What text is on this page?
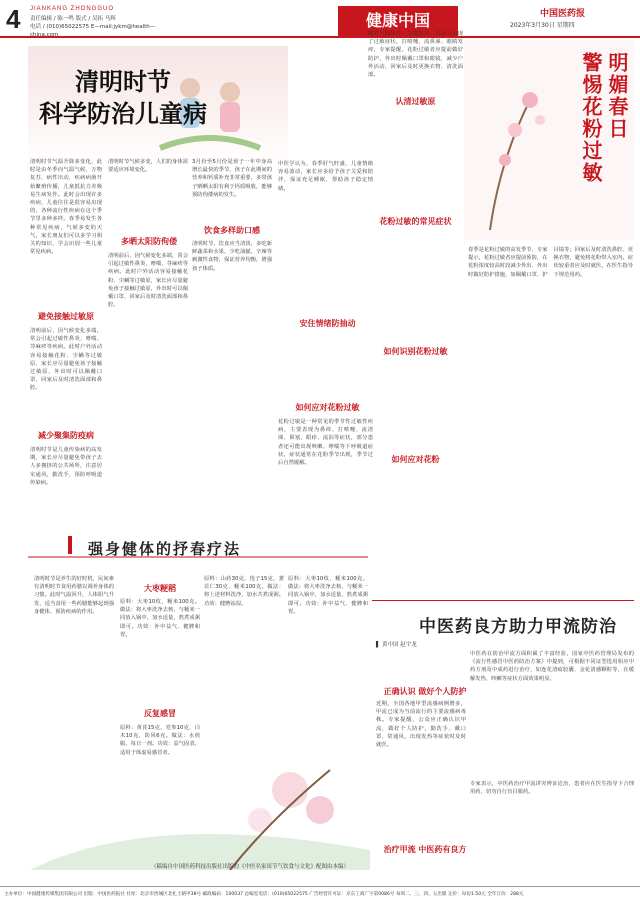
4 JIANKANG ZHONGGUO
责任编辑 / 陈一鸣 版式 / 吴拓 马辉
电话 / (010)65022575 E—mail:jykm@health—china.com
健康中国	中国医药报
2023年3月30日 星期四
清明时节
科学防治儿童病
清明时节气温升降多变化，此时是由冬季向气温气候、万物复苏，病性出动，疾病病菌开始繁殖传播，儿童抵抗力差极易生病发作。此时会出现许多疾病，儿童往往是很容易出现的，各种流行性疾病在这个季节里多种多样。春季易发生各种常见疾病，气候多变的天气，家长朋友们可以多学习相关的知识，学会识别一些儿童常见疾病。
清明时节气候多变，人们的身体需要适应环境变化。
3月份至5月份是孩子一年中身高增长最快的季节，孩子在此期间的营养和钙质补充非常重要，多带孩子晒晒太阳有利于钙质吸收，能够预防佝偻病的发生。
多晒太阳防佝偻
清明前后，因气候变化多端，常会引起过敏性鼻炎、哮喘、荨麻疹等疾病。此时户外活动容易接触花粉、尘螨等过敏原，家长应尽量避免孩子接触过敏原，外出时可以佩戴口罩，回家后及时清洗面部和鼻腔。
避免接触过敏原
清明前后，因气候变化多端，常会引起过敏性鼻炎、哮喘、荨麻疹等疾病。此时户外活动容易接触花粉、尘螨等过敏原，家长应尽量避免孩子接触过敏原，外出时可以佩戴口罩，回家后及时清洗面部和鼻腔。
饮食多样助口感
清明时节，饮食应当清淡，多吃新鲜蔬菜和水果，少吃油腻、辛辣等刺激性食物，保证营养均衡，增强孩子体质。
减少聚集防疫病
清明时节是儿童传染病的高发期，家长应尽量避免带孩子去人多拥挤的公共场所，注意居室通风，勤洗手，预防呼吸道传染病。
中医学认为，春季肝气旺盛，儿童情绪容易波动，家长应多给予孩子关爱和陪伴，保证充足睡眠，帮助孩子稳定情绪。
安住情绪防抽动
随着气温回升，万物复苏，许多人出现了过敏症状，打喷嚏、流鼻涕、眼睛发痒，专家提醒，花粉过敏者应提前做好防护，外出时佩戴口罩和眼镜，减少户外活动，回家后及时更换衣物、清洗面部。
认清过敏原
花粉过敏的常见症状
如何识别花粉过敏
如何应对花粉
如何应对花粉过敏
花粉过敏是一种常见的季节性过敏性疾病，主要表现为鼻痒、打喷嚏、流清涕、鼻塞、眼痒、流泪等症状，部分患者还可能出现咳嗽、哮喘等下呼吸道症状，症状通常在花粉季节出现，季节过后自然缓解。
明媚春日
警惕花粉过敏
春季是花粉过敏的高发季节，专家提示，花粉过敏者应提前预防，在花粉浓度较高时段减少外出，外出时做好防护措施，如佩戴口罩、护目镜等；回家后及时清洗鼻腔、更换衣物，避免将花粉带入室内。症状较重者应及时就医，在医生指导下规范用药。
强身健体的抒春疗法
清明时节是养生的好时机，民间素有清明时节食用药膳以调养身体的习惯。此时气温回升，人体阳气升发，适当食用一些药膳能够起到强身健体、预防疾病的作用。
大枣粳稻
原料：大枣10枚，粳米100克。做法：将大枣洗净去核，与粳米一同放入锅中，加水适量，熬煮成粥即可。功效：补中益气、健脾和胃。
反复感冒
原料：黄芪15克，党参10克，白术10克，防风6克。做法：水煎服，每日一剂。功效：益气固表，适用于体虚易感冒者。
原料：山药30克，莲子15克，薏苡仁30克，粳米100克。做法：将上述材料洗净，加水共煮成粥。功效：健脾祛湿。
原料：大枣10枚，粳米100克。做法：将大枣洗净去核，与粳米一同放入锅中，加水适量，熬煮成粥即可。功效：补中益气、健脾和胃。
（稿编自中国医药科技出版社出版的《中医名家谈节气饮食与文化》配图由本编）
中医药良方助力甲流防治
▌ 黄中国 赵宇龙
正确认识 做好个人防护
近期，全国各地甲型流感病例增多，甲流已成为当前流行的主要流感病毒株。专家提醒，公众应正确认识甲流，做好个人防护，勤洗手、戴口罩、常通风，出现发热等症状时及时就医。
治疗甲流 中医药有良方
中医药在防治甲流方面积累了丰富经验，国家中医药管理局发布的《流行性感冒中医药防治方案》中提到，可根据不同证型选用相应中药方剂及中成药进行治疗，如连花清瘟胶囊、金花清感颗粒等，在缓解发热、咳嗽等症状方面效果明显。
专家表示，中医药治疗甲流讲究辨证论治，患者应在医生指导下合理用药，切勿自行盲目服药。
主办单位：中国健康传媒集团有限公司 出版：中国医药报社 社址：北京市西城区北礼士路甲38号 邮政编码：100037 总编室电话：(010)65022575 广告经营许可证：京东工商广字第0086号 每周二、三、四、五出版 定价：每份1.50元 全年订价：288元
